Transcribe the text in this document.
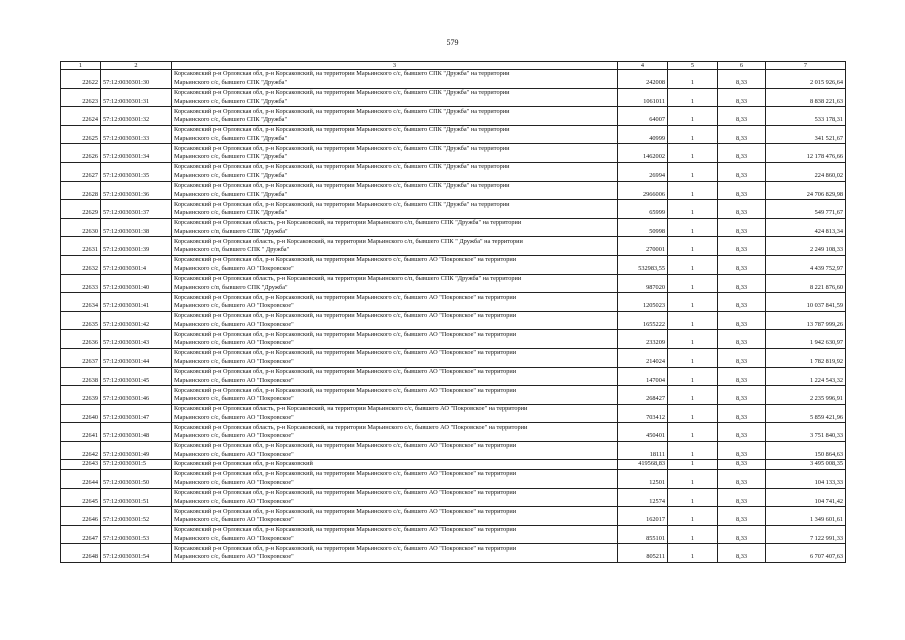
579
1	2	3	4	5	6	7
22622	57:12:0030301:30	Корсаковский р-н Орловская обл, р-н Корсаковский, на территории Марьинского с/с, бывшего СПК "Дружба" на территории
Марьинского с/с, бывшего СПК "Дружба"	242008	1	8,33	2 015 926,64
22623	57:12:0030301:31	Корсаковский р-н Орловская обл, р-н Корсаковский, на территории Марьинского с/с, бывшего СПК "Дружба" на территории
Марьинского с/с, бывшего СПК "Дружба"	1061011	1	8,33	8 838 221,63
22624	57:12:0030301:32	Корсаковский р-н Орловская обл, р-н Корсаковский, на территории Марьинского с/с, бывшего СПК "Дружба" на территории
Марьинского с/с, бывшего СПК "Дружба"	64007	1	8,33	533 178,31
22625	57:12:0030301:33	Корсаковский р-н Орловская обл, р-н Корсаковский, на территории Марьинского с/с, бывшего СПК "Дружба" на территории
Марьинского с/с, бывшего СПК "Дружба"	40999	1	8,33	341 521,67
22626	57:12:0030301:34	Корсаковский р-н Орловская обл, р-н Корсаковский, на территории Марьинского с/с, бывшего СПК "Дружба" на территории
Марьинского с/с, бывшего СПК "Дружба"	1462002	1	8,33	12 178 476,66
22627	57:12:0030301:35	Корсаковский р-н Орловская обл, р-н Корсаковский, на территории Марьинского с/с, бывшего СПК "Дружба" на территории
Марьинского с/с, бывшего СПК "Дружба"	26994	1	8,33	224 860,02
22628	57:12:0030301:36	Корсаковский р-н Орловская обл, р-н Корсаковский, на территории Марьинского с/с, бывшего СПК "Дружба" на территории
Марьинского с/с, бывшего СПК "Дружба"	2966006	1	8,33	24 706 829,98
22629	57:12:0030301:37	Корсаковский р-н Орловская обл, р-н Корсаковский, на территории Марьинского с/с, бывшего СПК "Дружба" на территории
Марьинского с/с, бывшего СПК "Дружба"	65999	1	8,33	549 771,67
22630	57:12:0030301:38	Корсаковский р-н Орловская область, р-н Корсаковский, на территории Марьинского с/п, бывшего СПК "Дружба" на территории
Марьинского с/п, бывшего СПК "Дружба"	50998	1	8,33	424 813,34
22631	57:12:0030301:39	Корсаковский р-н Орловская область, р-н Корсаковский, на территории Марьинского с/п, бывшего СПК " Дружба" на территории
Марьинского с/п, бывшего СПК " Дружба"	270001	1	8,33	2 249 108,33
22632	57:12:0030301:4	Корсаковский р-н Орловская обл, р-н Корсаковский, на территории Марьинского с/с, бывшего АО "Покровское" на территории
Марьинского с/с, бывшего АО "Покровское"	532983,55	1	8,33	4 439 752,97
22633	57:12:0030301:40	Корсаковский р-н Орловская область, р-н Корсаковский, на территории Марьинского с/п, бывшего СПК "Дружба" на территории
Марьинского с/п, бывшего СПК "Дружба"	987020	1	8,33	8 221 876,60
22634	57:12:0030301:41	Корсаковский р-н Орловская обл, р-н Корсаковский, на территории Марьинского с/с, бывшего АО "Покровское" на территории
Марьинского с/с, бывшего АО "Покровское"	1205023	1	8,33	10 037 841,59
22635	57:12:0030301:42	Корсаковский р-н Орловская обл, р-н Корсаковский, на территории Марьинского с/с, бывшего АО "Покровское" на территории
Марьинского с/с, бывшего АО "Покровское"	1655222	1	8,33	13 787 999,26
22636	57:12:0030301:43	Корсаковский р-н Орловская обл, р-н Корсаковский, на территории Марьинского с/с, бывшего АО "Покровское" на территории
Марьинского с/с, бывшего АО "Покровское"	233209	1	8,33	1 942 630,97
22637	57:12:0030301:44	Корсаковский р-н Орловская обл, р-н Корсаковский, на территории Марьинского с/с, бывшего АО "Покровское" на территории
Марьинского с/с, бывшего АО "Покровское"	214024	1	8,33	1 782 819,92
22638	57:12:0030301:45	Корсаковский р-н Орловская обл, р-н Корсаковский, на территории Марьинского с/с, бывшего АО "Покровское" на территории
Марьинского с/с, бывшего АО "Покровское"	147004	1	8,33	1 224 543,32
22639	57:12:0030301:46	Корсаковский р-н Орловская обл, р-н Корсаковский, на территории Марьинского с/с, бывшего АО "Покровское" на территории
Марьинского с/с, бывшего АО "Покровское"	268427	1	8,33	2 235 996,91
22640	57:12:0030301:47	Корсаковский р-н Орловская область, р-н Корсаковский, на территории Марьинского с/с, бывшего АО "Покровское" на территории
Марьинского с/с, бывшего АО "Покровское"	703412	1	8,33	5 859 421,96
22641	57:12:0030301:48	Корсаковский р-н Орловская область, р-н Корсаковский, на территории Марьинского с/с, бывшего АО "Покровское" на территории
Марьинского с/с, бывшего АО "Покровское"	450401	1	8,33	3 751 840,33
22642	57:12:0030301:49	Корсаковский р-н Орловская обл, р-н Корсаковский, на территории Марьинского с/с, бывшего АО "Покровское" на территории
Марьинского с/с, бывшего АО "Покровское"	18111	1	8,33	150 864,63
22643	57:12:0030301:5	Корсаковский р-н Орловская обл, р-н Корсаковский	419568,83	1	8,33	3 495 008,35
22644	57:12:0030301:50	Корсаковский р-н Орловская обл, р-н Корсаковский, на территории Марьинского с/с, бывшего АО "Покровское" на территории
Марьинского с/с, бывшего АО "Покровское"	12501	1	8,33	104 133,33
22645	57:12:0030301:51	Корсаковский р-н Орловская обл, р-н Корсаковский, на территории Марьинского с/с, бывшего АО "Покровское" на территории
Марьинского с/с, бывшего АО "Покровское"	12574	1	8,33	104 741,42
22646	57:12:0030301:52	Корсаковский р-н Орловская обл, р-н Корсаковский, на территории Марьинского с/с, бывшего АО "Покровское" на территории
Марьинского с/с, бывшего АО "Покровское"	162017	1	8,33	1 349 601,61
22647	57:12:0030301:53	Корсаковский р-н Орловская обл, р-н Корсаковский, на территории Марьинского с/с, бывшего АО "Покровское" на территории
Марьинского с/с, бывшего АО "Покровское"	855101	1	8,33	7 122 991,33
22648	57:12:0030301:54	Корсаковский р-н Орловская обл, р-н Корсаковский, на территории Марьинского с/с, бывшего АО "Покровское" на территории
Марьинского с/с, бывшего АО "Покровское"	805211	1	8,33	6 707 407,63
